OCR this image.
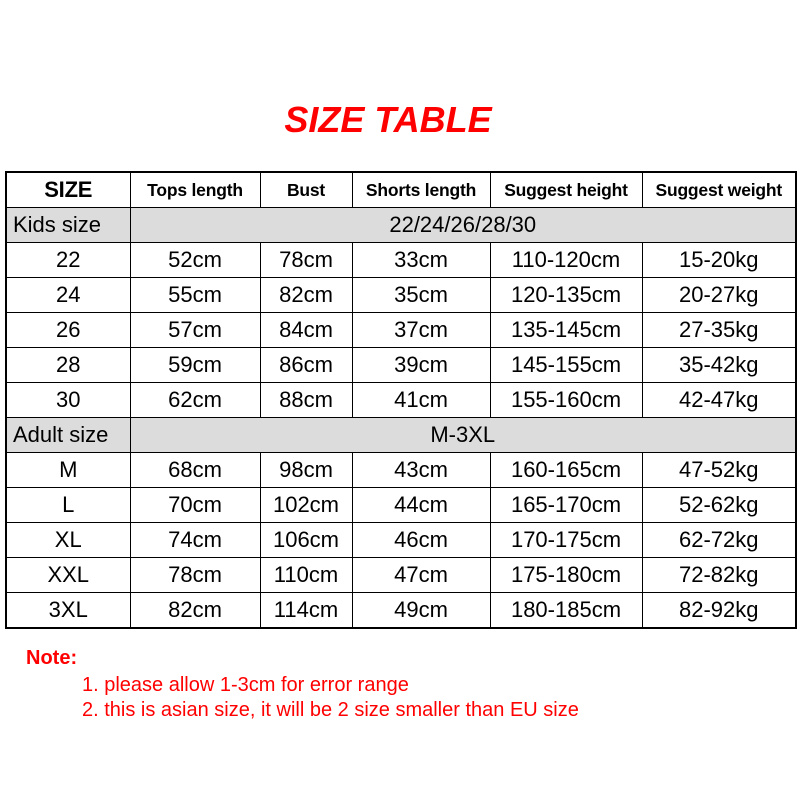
SIZE TABLE
SIZE	Tops length	Bust	Shorts length	Suggest height	Suggest weight
Kids size	22/24/26/28/30				
22	52cm	78cm	33cm	110-120cm	15-20kg
24	55cm	82cm	35cm	120-135cm	20-27kg
26	57cm	84cm	37cm	135-145cm	27-35kg
28	59cm	86cm	39cm	145-155cm	35-42kg
30	62cm	88cm	41cm	155-160cm	42-47kg
Adult size	M-3XL				
M	68cm	98cm	43cm	160-165cm	47-52kg
L	70cm	102cm	44cm	165-170cm	52-62kg
XL	74cm	106cm	46cm	170-175cm	62-72kg
XXL	78cm	110cm	47cm	175-180cm	72-82kg
3XL	82cm	114cm	49cm	180-185cm	82-92kg
Note:
1. please allow 1-3cm for error range
2. this is asian size, it will be 2 size smaller than EU size
